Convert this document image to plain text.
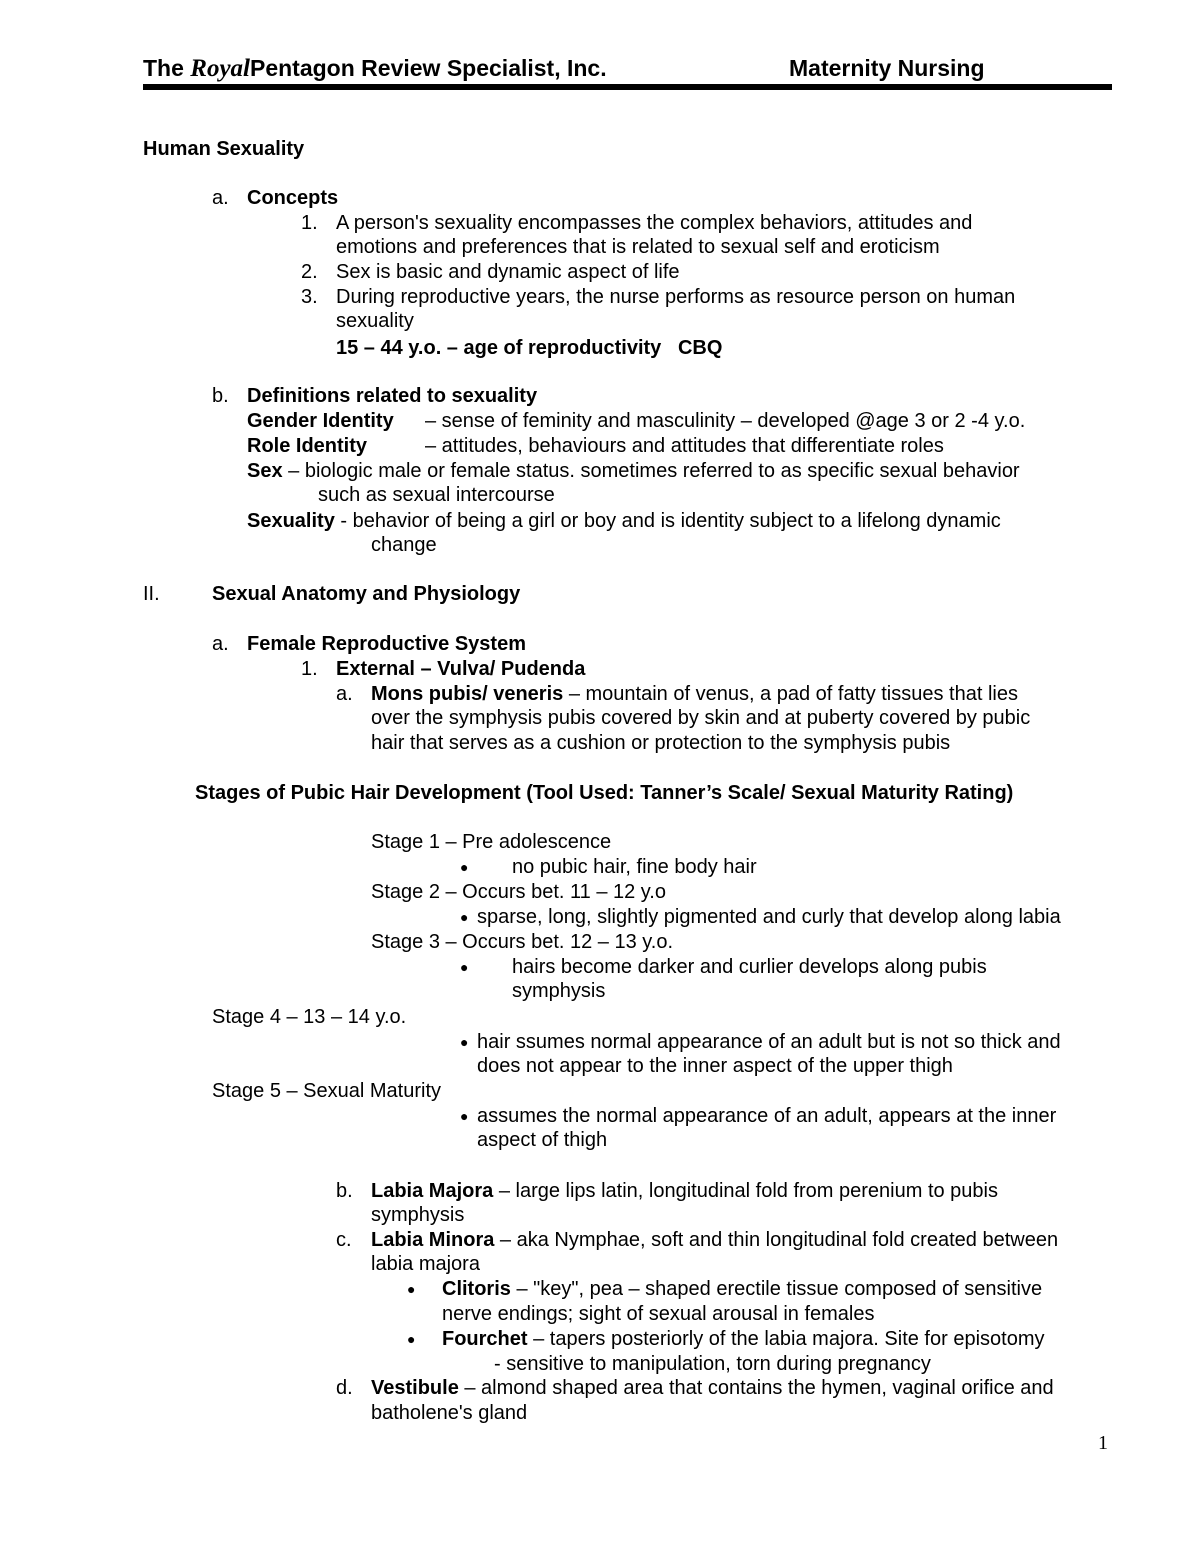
The RoyalPentagon Review Specialist, Inc.	Maternity Nursing
Human Sexuality
a. Concepts
1. A person's sexuality encompasses the complex behaviors, attitudes and
emotions and preferences that is related to sexual self and eroticism
2. Sex is basic and dynamic aspect of life
3. During reproductive years, the nurse performs as resource person on human
sexuality
15 – 44 y.o. – age of reproductivity   CBQ
b. Definitions related to sexuality
Gender Identity – sense of feminity and masculinity – developed @age 3 or 2 -4 y.o.
Role Identity	– attitudes, behaviours and attitudes that differentiate roles
Sex – biologic male or female status. sometimes referred to as specific sexual behavior
such as sexual intercourse
Sexuality - behavior of being a girl or boy and is identity subject to a lifelong dynamic
change
II.	Sexual Anatomy and Physiology
a. Female Reproductive System
1. External – Vulva/ Pudenda
a. Mons pubis/ veneris – mountain of venus, a pad of fatty tissues that lies
over the symphysis pubis covered by skin and at puberty covered by pubic
hair that serves as a cushion or protection to the symphysis pubis
Stages of Pubic Hair Development (Tool Used: Tanner’s Scale/ Sexual Maturity Rating)
Stage 1 – Pre adolescence
● no pubic hair, fine body hair
Stage 2 – Occurs bet. 11 – 12 y.o
● sparse, long, slightly pigmented and curly that develop along labia
Stage 3 – Occurs bet. 12 – 13 y.o.
● hairs become darker and curlier develops along pubis
symphysis
Stage 4 – 13 – 14 y.o.
● hair ssumes normal appearance of an adult but is not so thick and
does not appear to the inner aspect of the upper thigh
Stage 5 – Sexual Maturity
● assumes the normal appearance of an adult, appears at the inner
aspect of thigh
b. Labia Majora – large lips latin, longitudinal fold from perenium to pubis
symphysis
c. Labia Minora – aka Nymphae, soft and thin longitudinal fold created between
labia majora
● Clitoris – "key", pea – shaped erectile tissue composed of sensitive
nerve endings; sight of sexual arousal in females
● Fourchet – tapers posteriorly of the labia majora. Site for episotomy
- sensitive to manipulation, torn during pregnancy
d. Vestibule – almond shaped area that contains the hymen, vaginal orifice and
batholene's gland
1
